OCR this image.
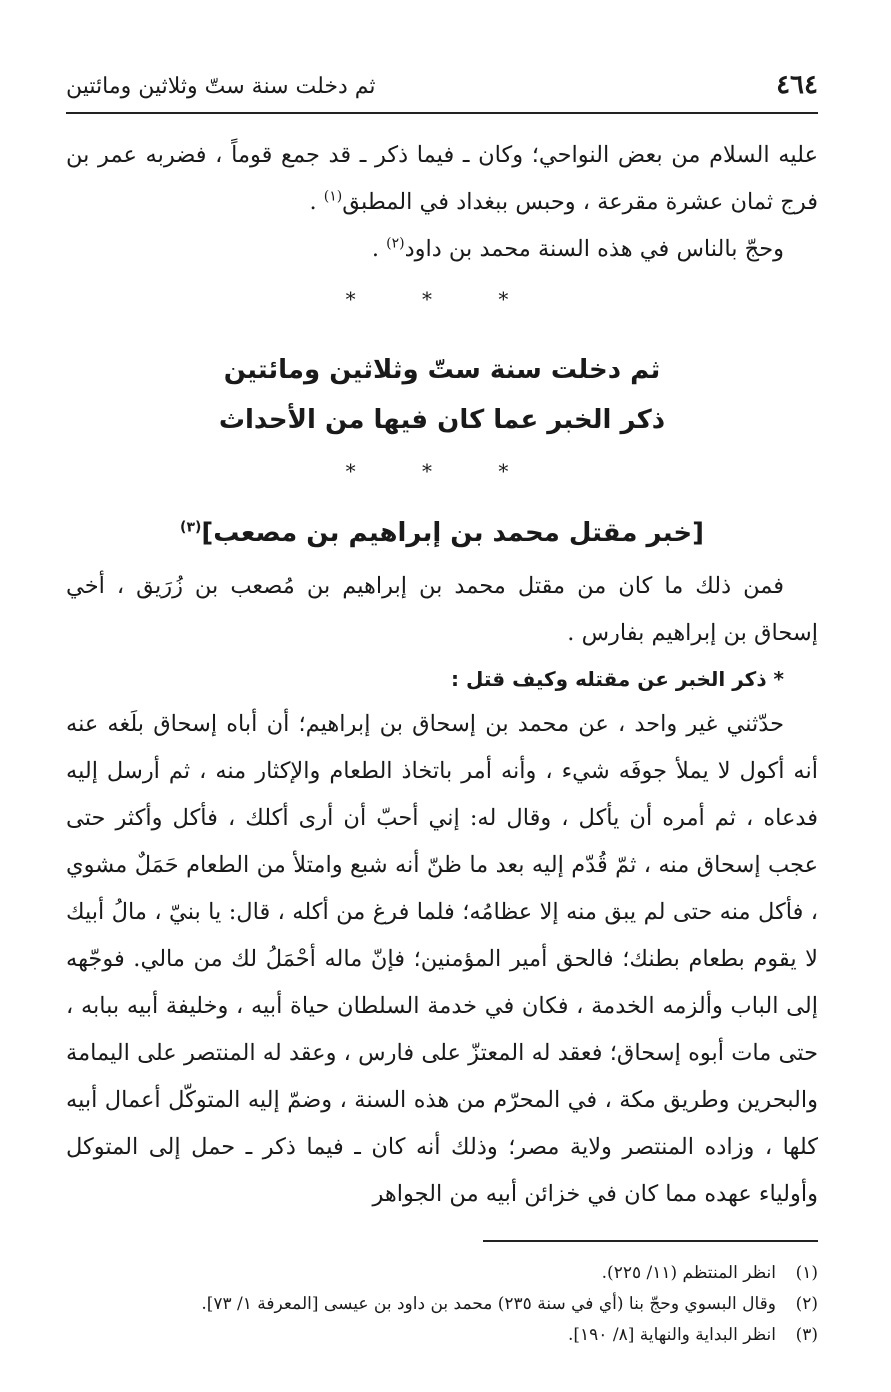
٤٦٤
ثم دخلت سنة ستّ وثلاثين ومائتين

عليه السلام من بعض النواحي؛ وكان ـ فيما ذكر ـ قد جمع قوماً ، فضربه عمر بن فرج ثمان عشرة مقرعة ، وحبس ببغداد في المطبق$^{(١)}$ .

وحجّ بالناس في هذه السنة محمد بن داود$^{(٢)}$ .

* * *
ثم دخلت سنة ستّ وثلاثين ومائتين
ذكر الخبر عما كان فيها من الأحداث
* * *
[خبر مقتل محمد بن إبراهيم بن مصعب]$^{(٣)}$

فمن ذلك ما كان من مقتل محمد بن إبراهيم بن مُصعب بن زُرَيق ، أخي إسحاق بن إبراهيم بفارس .

* ذكر الخبر عن مقتله وكيف قتل :

حدّثني غير واحد ، عن محمد بن إسحاق بن إبراهيم؛ أن أباه إسحاق بلَغه عنه أنه أكول لا يملأ جوفَه شيء ، وأنه أمر باتخاذ الطعام والإكثار منه ، ثم أرسل إليه فدعاه ، ثم أمره أن يأكل ، وقال له: إني أحبّ أن أرى أكلك ، فأكل وأكثر حتى عجب إسحاق منه ، ثمّ قُدّم إليه بعد ما ظنّ أنه شبع وامتلأ من الطعام حَمَلٌ مشوي ، فأكل منه حتى لم يبق منه إلا عظامُه؛ فلما فرغ من أكله ، قال: يا بنيّ ، مالُ أبيك لا يقوم بطعام بطنك؛ فالحق أمير المؤمنين؛ فإنّ ماله أحْمَلُ لك من مالي. فوجّهه إلى الباب وألزمه الخدمة ، فكان في خدمة السلطان حياة أبيه ، وخليفة أبيه ببابه ، حتى مات أبوه إسحاق؛ فعقد له المعتزّ على فارس ، وعقد له المنتصر على اليمامة والبحرين وطريق مكة ، في المحرّم من هذه السنة ، وضمّ إليه المتوكّل أعمال أبيه كلها ، وزاده المنتصر ولاية مصر؛ وذلك أنه كان ـ فيما ذكر ـ حمل إلى المتوكل وأولياء عهده مما كان في خزائن أبيه من الجواهر

(١)
انظر المنتظم (١١/ ٢٢٥).
(٢)
وقال البسوي وحجّ بنا (أي في سنة ٢٣٥) محمد بن داود بن عيسى [المعرفة ١/ ٧٣].
(٣)
انظر البداية والنهاية [٨/ ١٩٠].
